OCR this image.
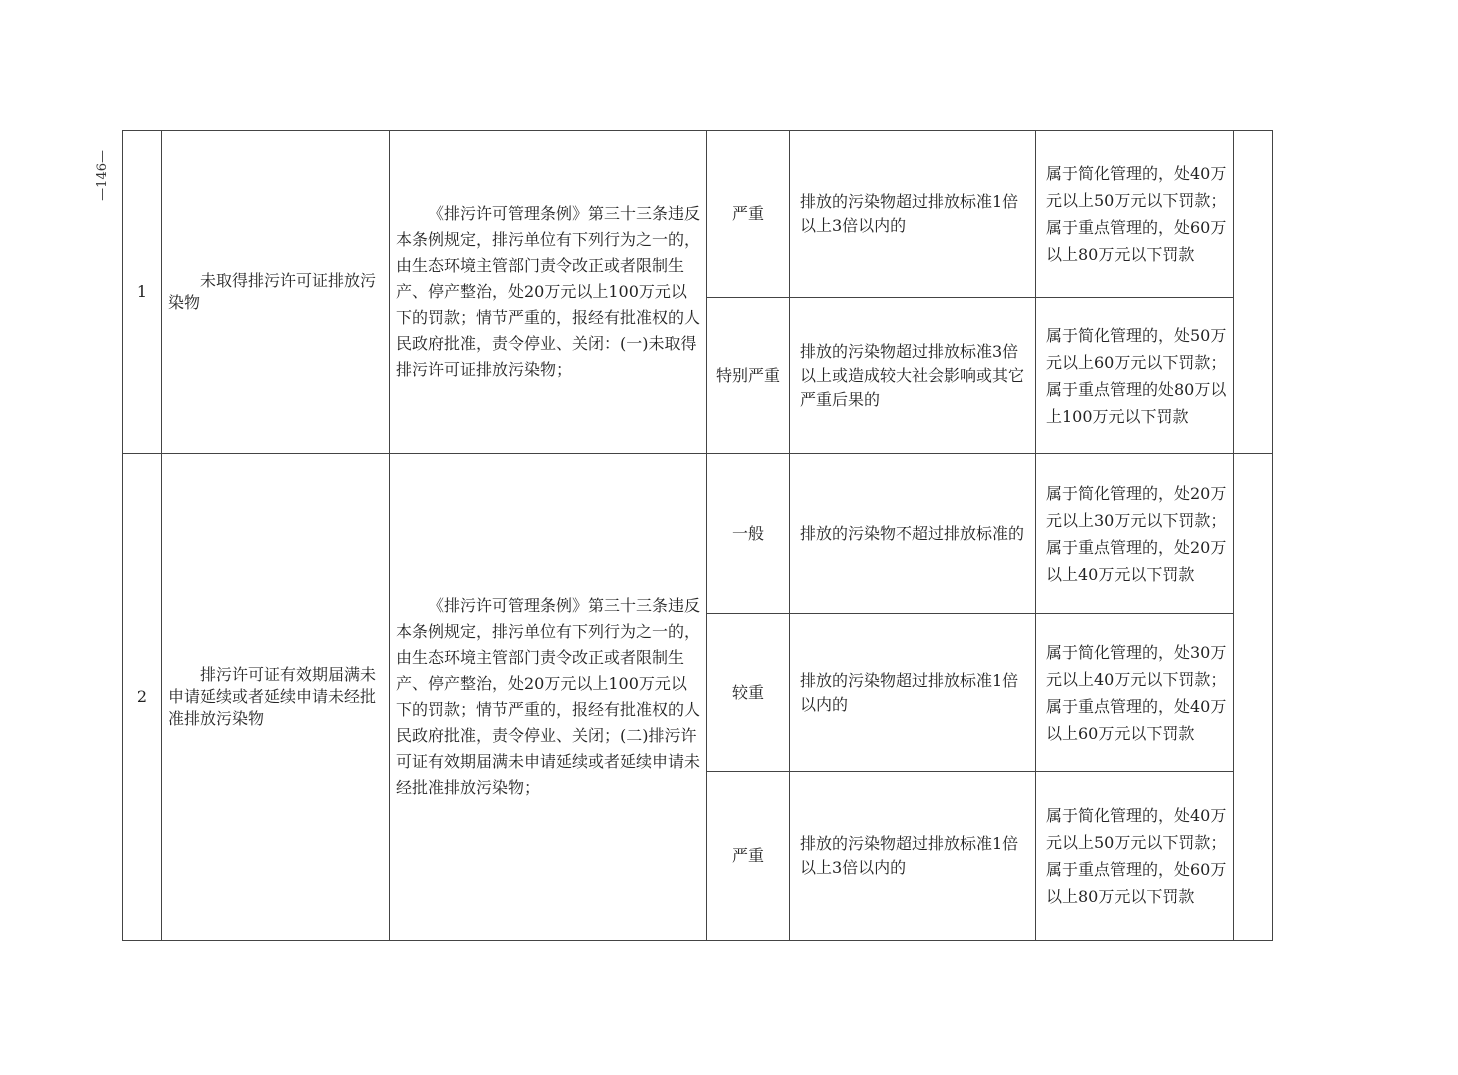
—146—
1	未取得排污许可证排放污染物	《排污许可管理条例》第三十三条违反本条例规定，排污单位有下列行为之一的，由生态环境主管部门责令改正或者限制生产、停产整治，处20万元以上100万元以下的罚款；情节严重的，报经有批准权的人民政府批准，责令停业、关闭：(一)未取得排污许可证排放污染物；	严重	排放的污染物超过排放标准1倍以上3倍以内的	属于简化管理的，处40万元以上50万元以下罚款；属于重点管理的，处60万以上80万元以下罚款	
			特别严重	排放的污染物超过排放标准3倍以上或造成较大社会影响或其它严重后果的	属于简化管理的，处50万元以上60万元以下罚款；属于重点管理的处80万以上100万元以下罚款	
2	排污许可证有效期届满未申请延续或者延续申请未经批准排放污染物	《排污许可管理条例》第三十三条违反本条例规定，排污单位有下列行为之一的，由生态环境主管部门责令改正或者限制生产、停产整治，处20万元以上100万元以下的罚款；情节严重的，报经有批准权的人民政府批准，责令停业、关闭；(二)排污许可证有效期届满未申请延续或者延续申请未经批准排放污染物；	一般	排放的污染物不超过排放标准的	属于简化管理的，处20万元以上30万元以下罚款；属于重点管理的，处20万以上40万元以下罚款	
			较重	排放的污染物超过排放标准1倍以内的	属于简化管理的，处30万元以上40万元以下罚款；属于重点管理的，处40万以上60万元以下罚款	
			严重	排放的污染物超过排放标准1倍以上3倍以内的	属于简化管理的，处40万元以上50万元以下罚款；属于重点管理的，处60万以上80万元以下罚款	
